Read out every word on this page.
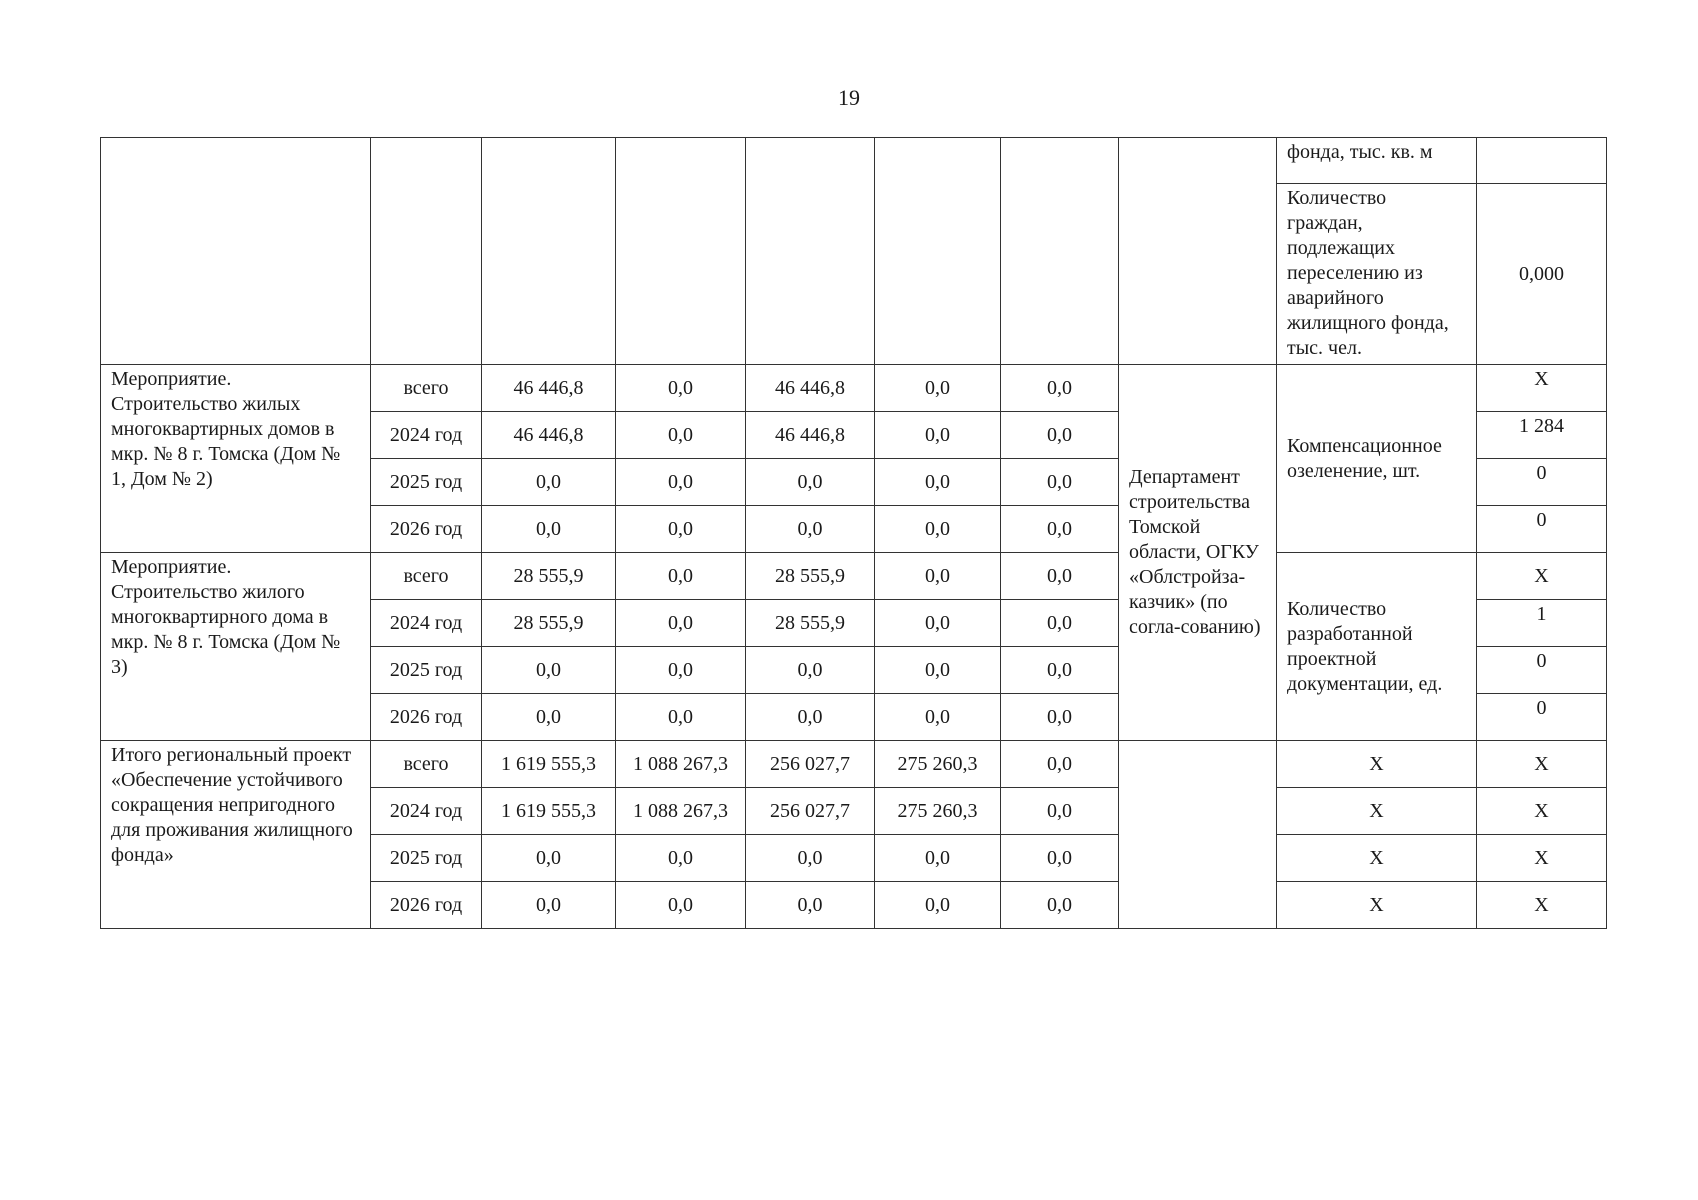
19
								фонда, тыс. кв. м	
								Количество граждан, подлежащих переселению из аварийного жилищного фонда, тыс. чел.	0,000
Мероприятие. Строительство жилых многоквартирных домов в мкр. № 8 г. Томска (Дом № 1, Дом № 2)	всего	46 446,8	0,0	46 446,8	0,0	0,0	Департамент строительства Томской области, ОГКУ «Облстройза-казчик» (по согла-сованию)	Компенсационное озеленение, шт.	X
	2024 год	46 446,8	0,0	46 446,8	0,0	0,0			1 284
	2025 год	0,0	0,0	0,0	0,0	0,0			0
	2026 год	0,0	0,0	0,0	0,0	0,0			0
Мероприятие. Строительство жилого многоквартирного дома в мкр. № 8 г. Томска (Дом № 3)	всего	28 555,9	0,0	28 555,9	0,0	0,0		Количество разработанной проектной документации, ед.	X
	2024 год	28 555,9	0,0	28 555,9	0,0	0,0			1
	2025 год	0,0	0,0	0,0	0,0	0,0			0
	2026 год	0,0	0,0	0,0	0,0	0,0			0
Итого региональный проект «Обеспечение устойчивого сокращения непригодного для проживания жилищного фонда»	всего	1 619 555,3	1 088 267,3	256 027,7	275 260,3	0,0		X	X
	2024 год	1 619 555,3	1 088 267,3	256 027,7	275 260,3	0,0		X	X
	2025 год	0,0	0,0	0,0	0,0	0,0		X	X
	2026 год	0,0	0,0	0,0	0,0	0,0		X	X
